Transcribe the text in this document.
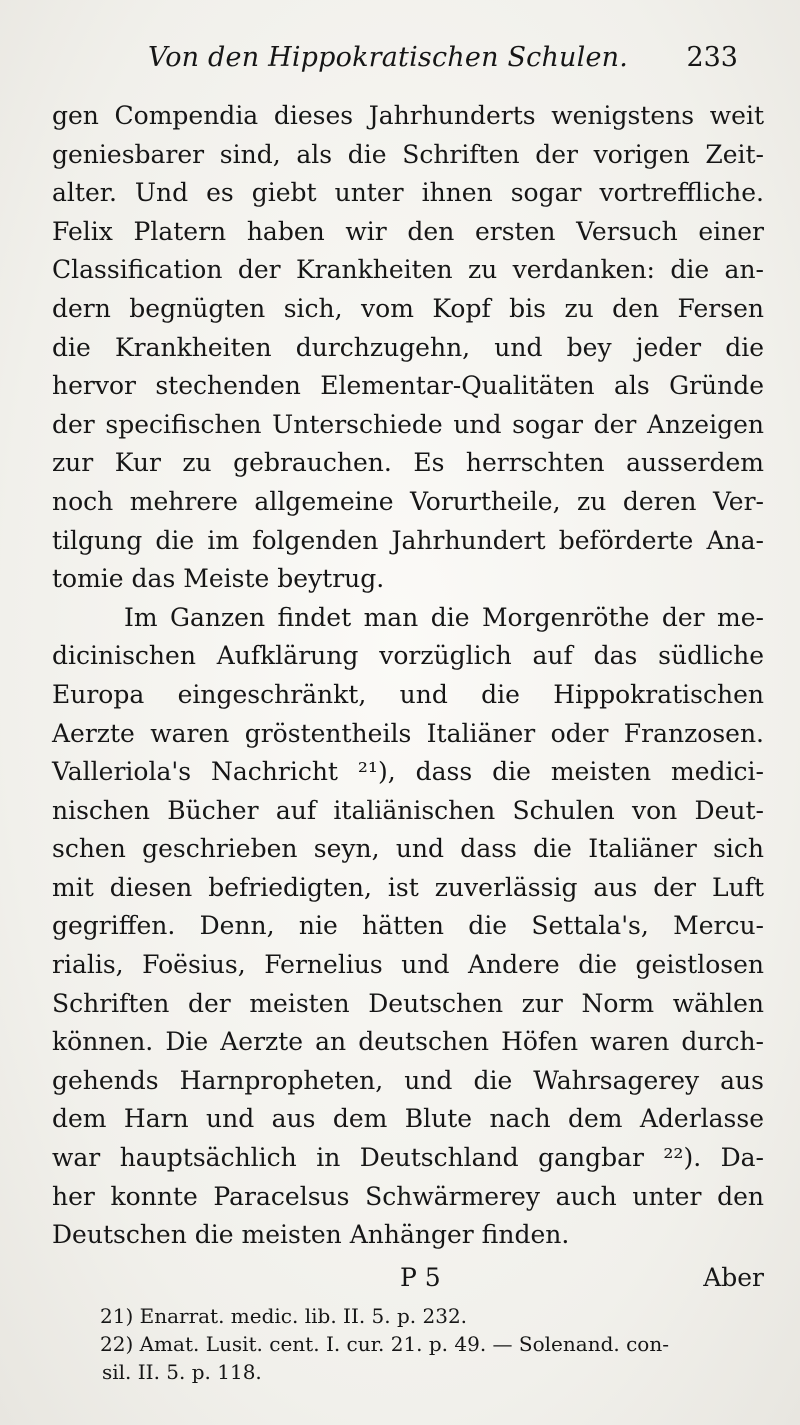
Von den Hippokratischen Schulen. 233
gen Compendia dieses Jahrhunderts wenigstens weit
geniesbarer sind, als die Schriften der vorigen Zeit-
alter. Und es giebt unter ihnen sogar vortreffliche.
Felix Platern haben wir den ersten Versuch einer
Classification der Krankheiten zu verdanken: die an-
dern begnügten sich, vom Kopf bis zu den Fersen
die Krankheiten durchzugehn, und bey jeder die
hervor stechenden Elementar-Qualitäten als Gründe
der specifischen Unterschiede und sogar der Anzeigen
zur Kur zu gebrauchen. Es herrschten ausserdem
noch mehrere allgemeine Vorurtheile, zu deren Ver-
tilgung die im folgenden Jahrhundert beförderte Ana-
tomie das Meiste beytrug.
Im Ganzen findet man die Morgenröthe der me-
dicinischen Aufklärung vorzüglich auf das südliche
Europa eingeschränkt, und die Hippokratischen
Aerzte waren gröstentheils Italiäner oder Franzosen.
Valleriola's Nachricht ²¹), dass die meisten medici-
nischen Bücher auf italiänischen Schulen von Deut-
schen geschrieben seyn, und dass die Italiäner sich
mit diesen befriedigten, ist zuverlässig aus der Luft
gegriffen. Denn, nie hätten die Settala's, Mercu-
rialis, Foësius, Fernelius und Andere die geistlosen
Schriften der meisten Deutschen zur Norm wählen
können. Die Aerzte an deutschen Höfen waren durch-
gehends Harnpropheten, und die Wahrsagerey aus
dem Harn und aus dem Blute nach dem Aderlasse
war hauptsächlich in Deutschland gangbar ²²). Da-
her konnte Paracelsus Schwärmerey auch unter den
Deutschen die meisten Anhänger finden.
P 5	Aber
21) Enarrat. medic. lib. II. 5. p. 232.
22) Amat. Lusit. cent. I. cur. 21. p. 49. — Solenand. con-
sil. II. 5. p. 118.
